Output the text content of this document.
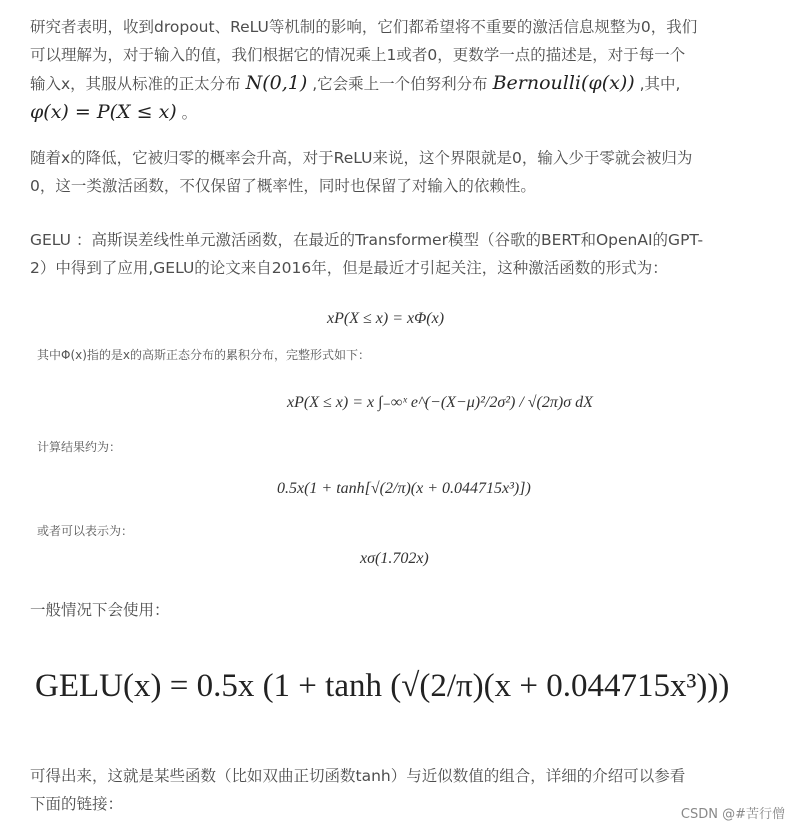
研究者表明，收到dropout、ReLU等机制的影响，它们都希望将不重要的激活信息规整为0，我们
可以理解为，对于输入的值，我们根据它的情况乘上1或者0，更数学一点的描述是，对于每一个
输入x，其服从标准的正太分布 N(0,1) ,它会乘上一个伯努利分布 Bernoulli(φ(x)) ,其中,
φ(x) = P(X ≤ x) 。
随着x的降低，它被归零的概率会升高，对于ReLU来说，这个界限就是0，输入少于零就会被归为
0，这一类激活函数，不仅保留了概率性，同时也保留了对输入的依赖性。
GELU ：高斯误差线性单元激活函数，在最近的Transformer模型（谷歌的BERT和OpenAI的GPT-
2）中得到了应用,GELU的论文来自2016年，但是最近才引起关注，这种激活函数的形式为：
xP(X ≤ x) = xΦ(x)
其中Φ(x)指的是x的高斯正态分布的累积分布，完整形式如下：
xP(X ≤ x) = x ∫₋∞ˣ e^(−(X−μ)²/2σ²) / √(2π)σ dX
计算结果约为：
0.5x(1 + tanh[√(2/π)(x + 0.044715x³)])
或者可以表示为：
xσ(1.702x)
一般情况下会使用：
GELU(x) = 0.5x (1 + tanh (√(2/π)(x + 0.044715x³)))
可得出来，这就是某些函数（比如双曲正切函数tanh）与近似数值的组合，详细的介绍可以参看
下面的链接：
CSDN @#苦行僧
